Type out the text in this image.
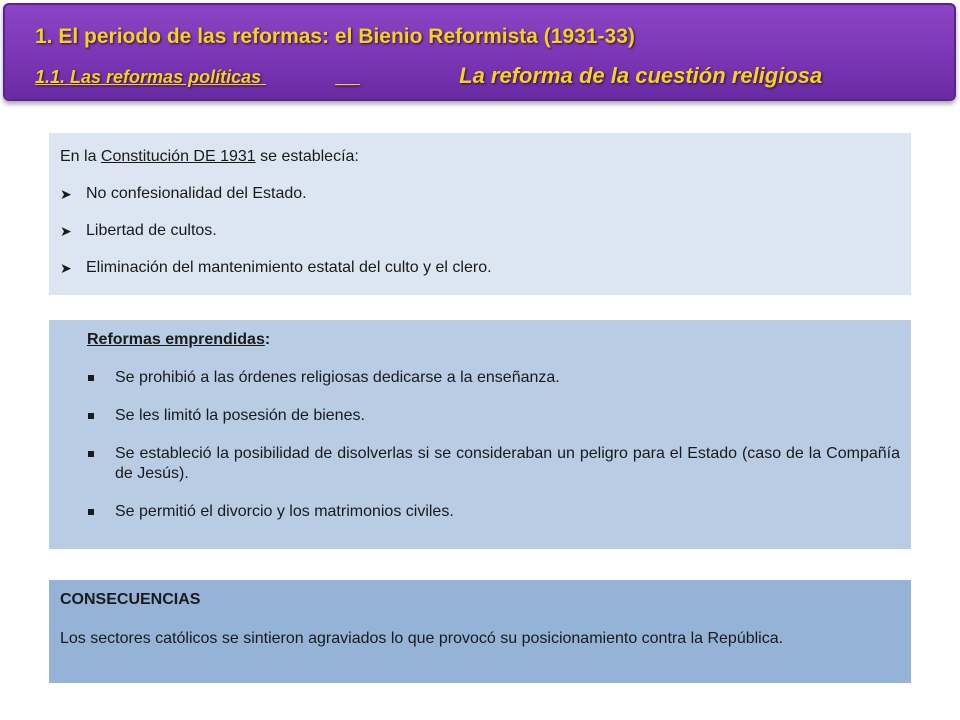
1. El periodo de las reformas: el Bienio Reformista (1931-33)
1.1. Las reformas políticas	__	La reforma de la cuestión religiosa

En la Constitución DE 1931 se establecía:

➤ No confesionalidad del Estado.
➤ Libertad de cultos.
➤ Eliminación del mantenimiento estatal del culto y el clero.

Reformas emprendidas:

Se prohibió a las órdenes religiosas dedicarse a la enseñanza.
Se les limitó la posesión de bienes.
Se estableció la posibilidad de disolverlas si se consideraban un peligro para el Estado (caso de la Compañía de Jesús).
Se permitió el divorcio y los matrimonios civiles.

CONSECUENCIAS

Los sectores católicos se sintieron agraviados lo que provocó su posicionamiento contra la República.
